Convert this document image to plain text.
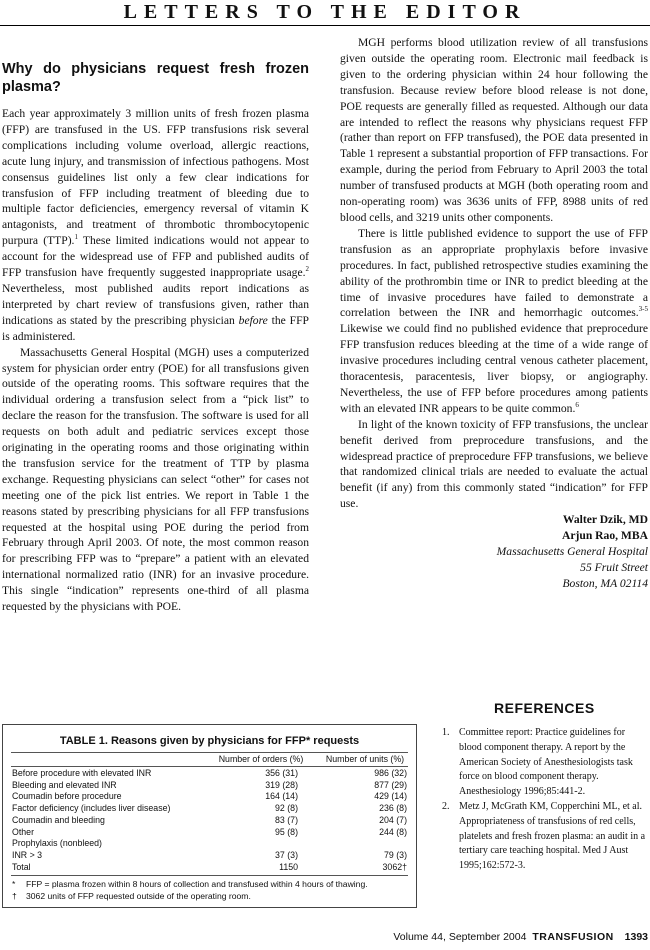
LETTERS TO THE EDITOR
Why do physicians request fresh frozen plasma?

Each year approximately 3 million units of fresh frozen plasma (FFP) are transfused in the US. FFP transfusions risk several complications including volume overload, allergic reactions, acute lung injury, and transmission of infectious pathogens. Most consensus guidelines list only a few clear indications for transfusion of FFP including treatment of bleeding due to multiple factor deficiencies, emergency reversal of vitamin K antagonists, and treatment of thrombotic thrombocytopenic purpura (TTP).$^1$ These limited indications would not appear to account for the widespread use of FFP and published audits of FFP transfusion have frequently suggested inappropriate usage.$^2$ Nevertheless, most published audits report indications as interpreted by chart review of transfusions given, rather than indications as stated by the prescribing physician before the FFP is administered.

Massachusetts General Hospital (MGH) uses a computerized system for physician order entry (POE) for all transfusions given outside of the operating rooms. This software requires that the individual ordering a transfusion select from a “pick list” to declare the reason for the transfusion. The software is used for all requests on both adult and pediatric services except those originating in the operating rooms and those originating within the transfusion service for the treatment of TTP by plasma exchange. Requesting physicians can select “other” for cases not meeting one of the pick list entries. We report in Table 1 the reasons stated by prescribing physicians for all FFP transfusions requested at the hospital using POE during the period from February through April 2003. Of note, the most common reason for prescribing FFP was to “prepare” a patient with an elevated international normalized ratio (INR) for an invasive procedure. This single “indication” represents one-third of all plasma requested by the physicians with POE.

MGH performs blood utilization review of all transfusions given outside the operating room. Electronic mail feedback is given to the ordering physician within 24 hour following the transfusion. Because review before blood release is not done, POE requests are generally filled as requested. Although our data are intended to reflect the reasons why physicians request FFP (rather than report on FFP transfused), the POE data presented in Table 1 represent a substantial proportion of FFP transactions. For example, during the period from February to April 2003 the total number of transfused products at MGH (both operating room and non-operating room) was 3636 units of FFP, 8988 units of red blood cells, and 3219 units other components.

There is little published evidence to support the use of FFP transfusion as an appropriate prophylaxis before invasive procedures. In fact, published retrospective studies examining the ability of the prothrombin time or INR to predict bleeding at the time of invasive procedures have failed to demonstrate a correlation between the INR and hemorrhagic outcomes.$^{3-5}$ Likewise we could find no published evidence that preprocedure FFP transfusion reduces bleeding at the time of a wide range of invasive procedures including central venous catheter placement, thoracentesis, paracentesis, liver biopsy, or angiography. Nevertheless, the use of FFP before procedures among patients with an elevated INR appears to be quite common.$^6$

In light of the known toxicity of FFP transfusions, the unclear benefit derived from preprocedure transfusions, and the widespread practice of preprocedure FFP transfusions, we believe that randomized clinical trials are needed to evaluate the actual benefit (if any) from this commonly stated “indication” for FFP use.

Walter Dzik, MD
Arjun Rao, MBA
Massachusetts General Hospital
55 Fruit Street
Boston, MA 02114
REFERENCES
1. Committee report: Practice guidelines for blood component therapy. A report by the American Society of Anesthesiologists task force on blood component therapy. Anesthesiology 1996;85:441-2.
2. Metz J, McGrath KM, Copperchini ML, et al. Appropriateness of transfusions of red cells, platelets and fresh frozen plasma: an audit in a tertiary care teaching hospital. Med J Aust 1995;162:572-3.
TABLE 1. Reasons given by physicians for FFP* requests
Number of orders (%)	Number of units (%)
Before procedure with elevated INR	356 (31)	986 (32)
Bleeding and elevated INR	319 (28)	877 (29)
Coumadin before procedure	164 (14)	429 (14)
Factor deficiency (includes liver disease)	92 (8)	236 (8)
Coumadin and bleeding	83 (7)	204 (7)
Other	95 (8)	244 (8)
Prophylaxis (nonbleed)
INR > 3	37 (3)	79 (3)
Total	1150	3062†
* FFP = plasma frozen within 8 hours of collection and transfused within 4 hours of thawing.
† 3062 units of FFP requested outside of the operating room.
Volume 44, September 2004 TRANSFUSION 1393
